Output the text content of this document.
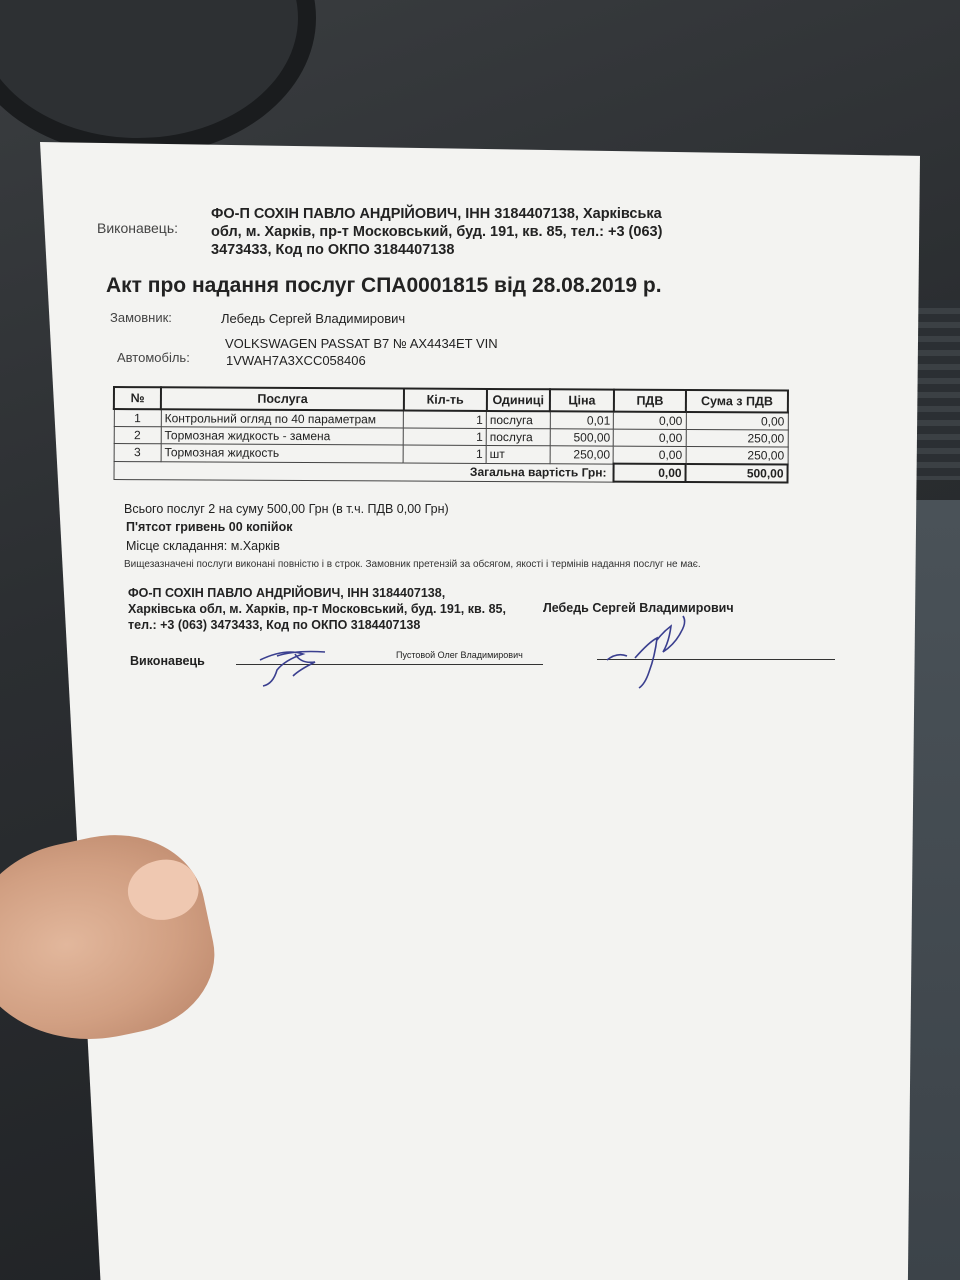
Виконавець:
ФО-П СОХІН ПАВЛО АНДРІЙОВИЧ, ІНН 3184407138, Харківська
обл, м. Харків, пр-т Московський, буд. 191, кв. 85, тел.: +3 (063)
3473433, Код по ОКПО 3184407138
Акт про надання послуг СПА0001815 від 28.08.2019 р.
Замовник:	Лебедь Сергей Владимирович
VOLKSWAGEN PASSAT B7 № AX4434ET VIN
Автомобіль:	1VWAH7A3XCC058406
№	Послуга	Кіл-ть	Одиниці	Ціна	ПДВ	Сума з ПДВ
1	Контрольний огляд по 40 параметрам	1	послуга	0,01	0,00	0,00
2	Тормозная жидкость - замена	1	послуга	500,00	0,00	250,00
3	Тормозная жидкость	1	шт	250,00	0,00	250,00
Загальна вартість Грн:					0,00	500,00
Всього послуг 2 на суму 500,00 Грн (в т.ч. ПДВ 0,00 Грн)
П'ятсот гривень 00 копійок
Місце складання: м.Харків
Вищезазначені послуги виконані повністю і в строк. Замовник претензій за обсягом, якості і термінів надання послуг не має.
ФО-П СОХІН ПАВЛО АНДРІЙОВИЧ, ІНН 3184407138,
Харківська обл, м. Харків, пр-т Московський, буд. 191, кв. 85,	Лебедь Сергей Владимирович
тел.: +3 (063) 3473433, Код по ОКПО 3184407138
Виконавець	Пустовой Олег Владимирович
